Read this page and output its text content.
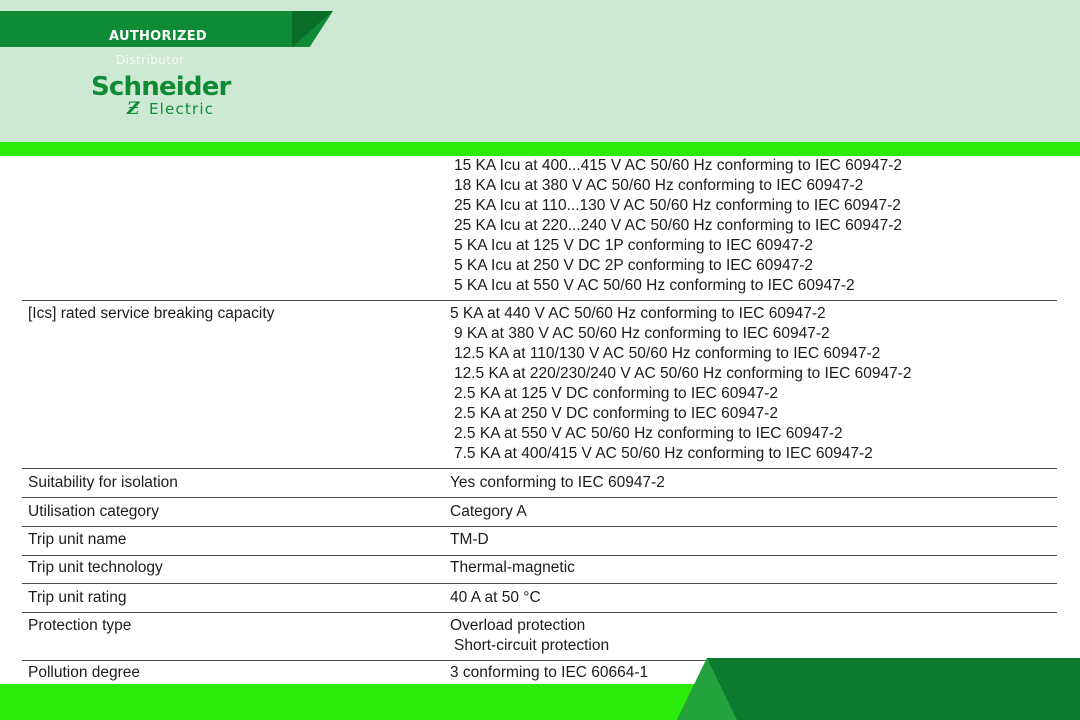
AUTHORIZED
Distributor
Schneider
Ƶ Electric
15 KA Icu at 400...415 V AC 50/60 Hz conforming to IEC 60947-2
18 KA Icu at 380 V AC 50/60 Hz conforming to IEC 60947-2
25 KA Icu at 110...130 V AC 50/60 Hz conforming to IEC 60947-2
25 KA Icu at 220...240 V AC 50/60 Hz conforming to IEC 60947-2
5 KA Icu at 125 V DC 1P conforming to IEC 60947-2
5 KA Icu at 250 V DC 2P conforming to IEC 60947-2
5 KA Icu at 550 V AC 50/60 Hz conforming to IEC 60947-2
[Ics] rated service breaking capacity	5 KA at 440 V AC 50/60 Hz conforming to IEC 60947-2
9 KA at 380 V AC 50/60 Hz conforming to IEC 60947-2
12.5 KA at 110/130 V AC 50/60 Hz conforming to IEC 60947-2
12.5 KA at 220/230/240 V AC 50/60 Hz conforming to IEC 60947-2
2.5 KA at 125 V DC conforming to IEC 60947-2
2.5 KA at 250 V DC conforming to IEC 60947-2
2.5 KA at 550 V AC 50/60 Hz conforming to IEC 60947-2
7.5 KA at 400/415 V AC 50/60 Hz conforming to IEC 60947-2
Suitability for isolation	Yes conforming to IEC 60947-2
Utilisation category	Category A
Trip unit name	TM-D
Trip unit technology	Thermal-magnetic
Trip unit rating	40 A at 50 °C
Protection type	Overload protection
Short-circuit protection
Pollution degree	3 conforming to IEC 60664-1
